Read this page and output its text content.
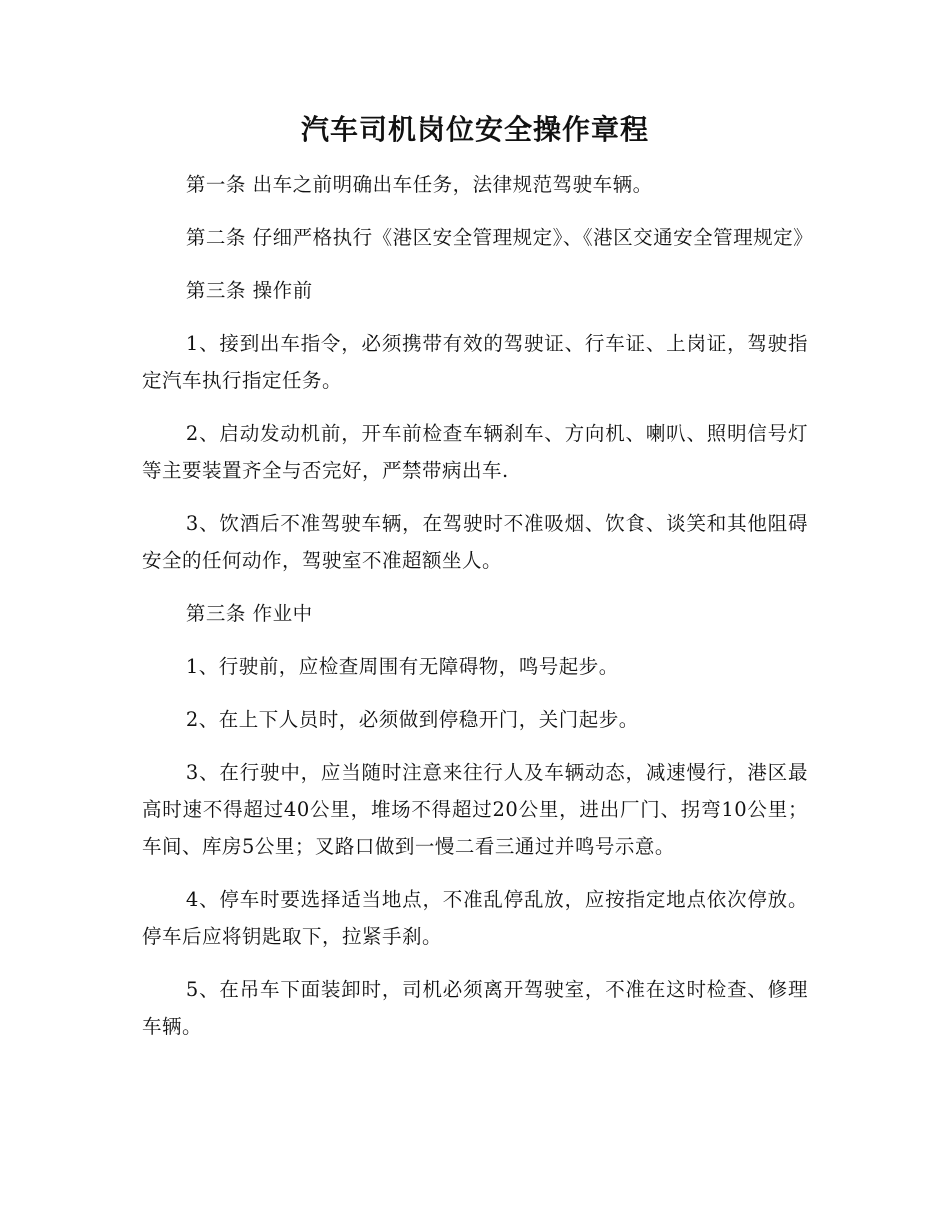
汽车司机岗位安全操作章程

第一条 出车之前明确出车任务，法律规范驾驶车辆。

第二条 仔细严格执行《港区安全管理规定》、《港区交通安全管理规定》

第三条 操作前

1、接到出车指令，必须携带有效的驾驶证、行车证、上岗证，驾驶指定汽车执行指定任务。

2、启动发动机前，开车前检查车辆刹车、方向机、喇叭、照明信号灯等主要装置齐全与否完好，严禁带病出车.

3、饮酒后不准驾驶车辆，在驾驶时不准吸烟、饮食、谈笑和其他阻碍安全的任何动作，驾驶室不准超额坐人。

第三条 作业中

1、行驶前，应检查周围有无障碍物，鸣号起步。

2、在上下人员时，必须做到停稳开门，关门起步。

3、在行驶中，应当随时注意来往行人及车辆动态，减速慢行，港区最高时速不得超过40公里，堆场不得超过20公里，进出厂门、拐弯10公里；车间、库房5公里；叉路口做到一慢二看三通过并鸣号示意。

4、停车时要选择适当地点，不准乱停乱放，应按指定地点依次停放。停车后应将钥匙取下，拉紧手刹。

5、在吊车下面装卸时，司机必须离开驾驶室，不准在这时检查、修理车辆。
